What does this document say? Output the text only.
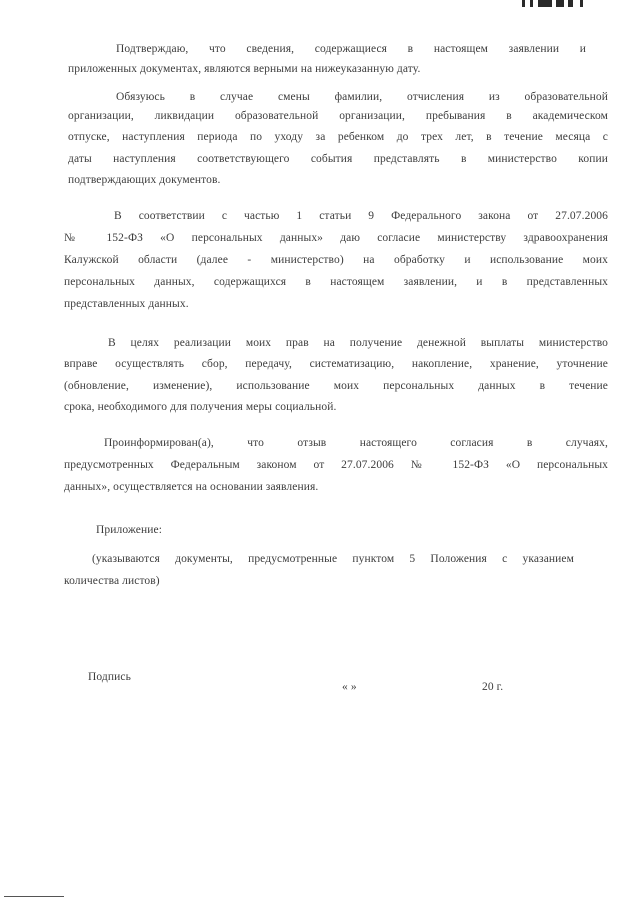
Подтверждаю, что сведения, содержащиеся в настоящем заявлении и
приложенных документах, являются верными на нижеуказанную дату.
Обязуюсь в случае смены фамилии, отчисления из образовательной
организации, ликвидации образовательной организации, пребывания в академическом
отпуске, наступления периода по уходу за ребенком до трех лет, в течение месяца с
даты наступления соответствующего события представлять в министерство копии
подтверждающих документов.
В соответствии с частью 1 статьи 9 Федерального закона от 27.07.2006
№ 152-ФЗ «О персональных данных» даю согласие министерству здравоохранения
Калужской области (далее - министерство) на обработку и использование моих
персональных данных, содержащихся в настоящем заявлении, и в представленных
представленных данных.
В целях реализации моих прав на получение денежной выплаты министерство
вправе осуществлять сбор, передачу, систематизацию, накопление, хранение, уточнение
(обновление, изменение), использование моих персональных данных в течение
срока, необходимого для получения меры социальной.
Проинформирован(а), что отзыв настоящего согласия в случаях,
предусмотренных Федеральным законом от 27.07.2006 № 152-ФЗ «О персональных
данных», осуществляется на основании заявления.
Приложение:
(указываются документы, предусмотренные пунктом 5 Положения с указанием
количества листов)
Подпись
« »	20 г.
